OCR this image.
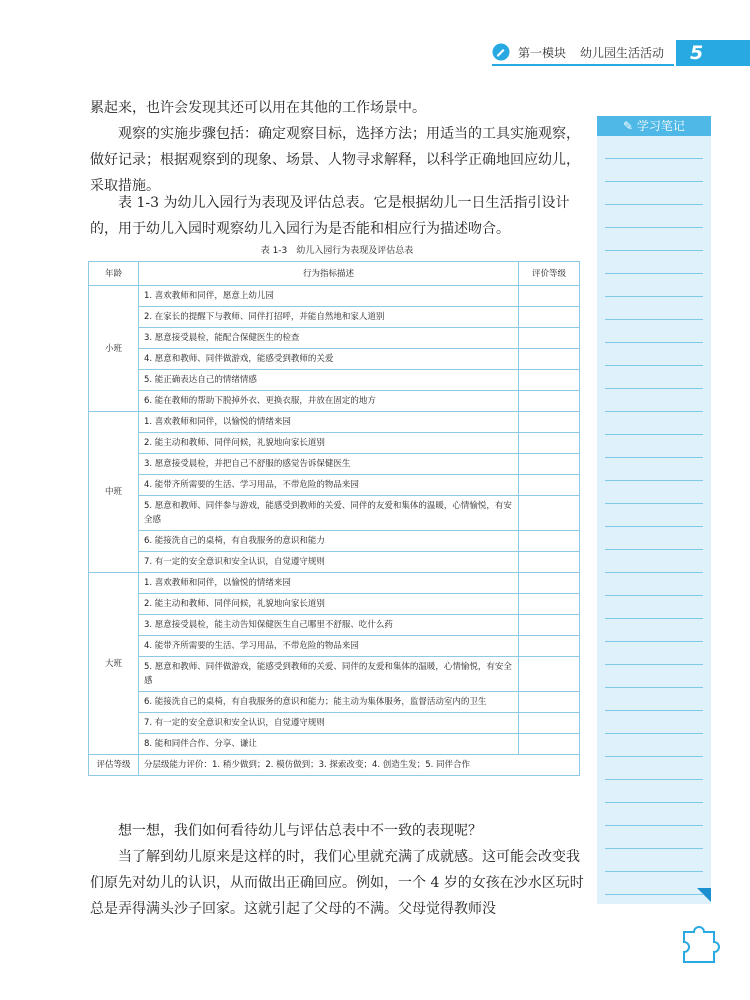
第一模块 幼儿园生活活动	5
✎ 学习笔记

累起来，也许会发现其还可以用在其他的工作场景中。

观察的实施步骤包括：确定观察目标，选择方法；用适当的工具实施观察，做好记录；根据观察到的现象、场景、人物寻求解释，以科学正确地回应幼儿，采取措施。

表 1-3 为幼儿入园行为表现及评估总表。它是根据幼儿一日生活指引设计的，用于幼儿入园时观察幼儿入园行为是否能和相应行为描述吻合。

表 1-3　幼儿入园行为表现及评估总表
年龄	行为指标描述	评价等级
小班	1. 喜欢教师和同伴，愿意上幼儿园	
	2. 在家长的提醒下与教师、同伴打招呼，并能自然地和家人道别	
	3. 愿意接受晨检，能配合保健医生的检查	
	4. 愿意和教师、同伴做游戏，能感受到教师的关爱	
	5. 能正确表达自己的情绪情感	
	6. 能在教师的帮助下脱掉外衣、更换衣服，并放在固定的地方	
中班	1. 喜欢教师和同伴，以愉悦的情绪来园	
	2. 能主动和教师、同伴问候，礼貌地向家长道别	
	3. 愿意接受晨检，并把自己不舒服的感觉告诉保健医生	
	4. 能带齐所需要的生活、学习用品，不带危险的物品来园	
	5. 愿意和教师、同伴参与游戏，能感受到教师的关爱、同伴的友爱和集体的温暖，心情愉悦，有安全感	
	6. 能接洗自己的桌椅，有自我服务的意识和能力	
	7. 有一定的安全意识和安全认识，自觉遵守规则	
大班	1. 喜欢教师和同伴，以愉悦的情绪来园	
	2. 能主动和教师、同伴问候，礼貌地向家长道别	
	3. 愿意接受晨检，能主动告知保健医生自己哪里不舒服、吃什么药	
	4. 能带齐所需要的生活、学习用品，不带危险的物品来园	
	5. 愿意和教师、同伴做游戏，能感受到教师的关爱、同伴的友爱和集体的温暖，心情愉悦，有安全感	
	6. 能接洗自己的桌椅，有自我服务的意识和能力；能主动为集体服务，监督活动室内的卫生	
	7. 有一定的安全意识和安全认识，自觉遵守规则	
	8. 能和同伴合作、分享、谦让	
评估等级	分层级能力评价：1. 稍少做到；2. 模仿做到；3. 探索改变；4. 创造生发；5. 同伴合作	

想一想，我们如何看待幼儿与评估总表中不一致的表现呢？

当了解到幼儿原来是这样的时，我们心里就充满了成就感。这可能会改变我们原先对幼儿的认识，从而做出正确回应。例如，一个 4 岁的女孩在沙水区玩时总是弄得满头沙子回家。这就引起了父母的不满。父母觉得教师没
